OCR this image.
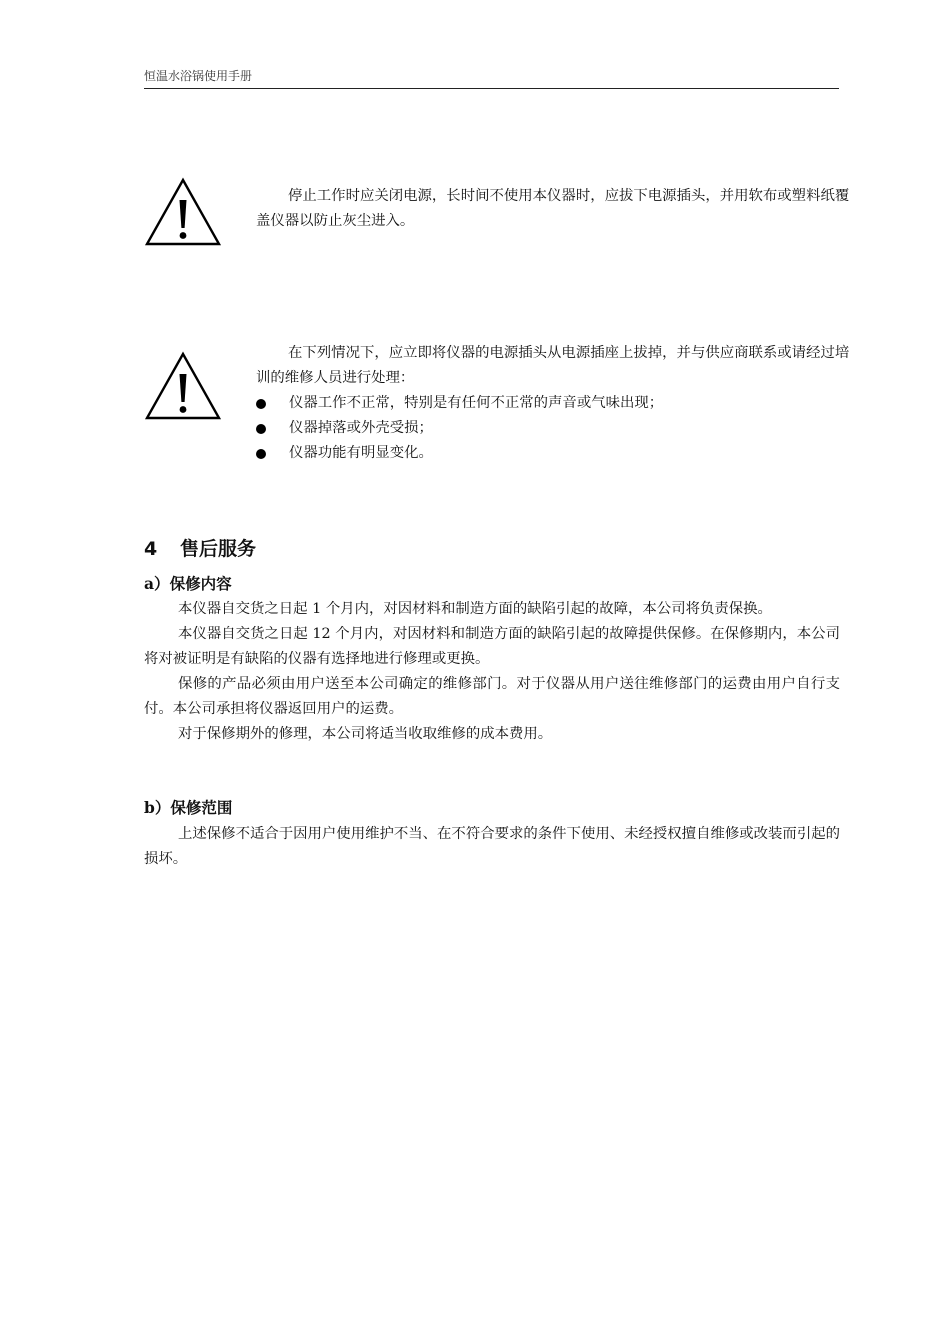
恒温水浴锅使用手册

停止工作时应关闭电源，长时间不使用本仪器时，应拔下电源插头，并用软布或塑料纸覆盖仪器以防止灰尘进入。

在下列情况下，应立即将仪器的电源插头从电源插座上拔掉，并与供应商联系或请经过培训的维修人员进行处理：

仪器工作不正常，特别是有任何不正常的声音或气味出现；
仪器掉落或外壳受损；
仪器功能有明显变化。
4 售后服务
a）保修内容

本仪器自交货之日起 1 个月内，对因材料和制造方面的缺陷引起的故障，本公司将负责保换。

本仪器自交货之日起 12 个月内，对因材料和制造方面的缺陷引起的故障提供保修。在保修期内，本公司将对被证明是有缺陷的仪器有选择地进行修理或更换。

保修的产品必须由用户送至本公司确定的维修部门。对于仪器从用户送往维修部门的运费由用户自行支付。本公司承担将仪器返回用户的运费。

对于保修期外的修理，本公司将适当收取维修的成本费用。

b）保修范围

上述保修不适合于因用户使用维护不当、在不符合要求的条件下使用、未经授权擅自维修或改装而引起的损坏。
